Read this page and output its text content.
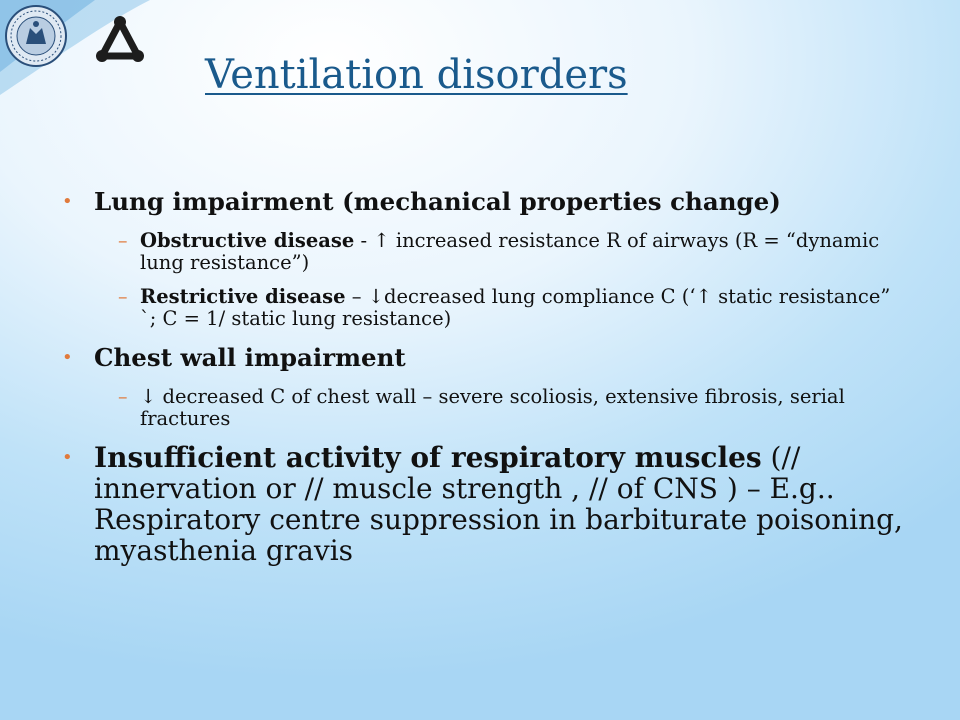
Ventilation disorders
• Lung impairment (mechanical properties change)
– Obstructive disease - ↑ increased resistance R of airways (R = “dynamic lung resistance”)
– Restrictive disease – ↓decreased lung compliance C (‘↑ static resistance” `; C = 1/ static lung resistance)
• Chest wall impairment
– ↓ decreased C of chest wall – severe scoliosis, extensive fibrosis, serial fractures
• Insufficient activity of respiratory muscles (// innervation or // muscle strength , // of CNS ) – E.g.. Respiratory centre suppression in barbiturate poisoning, myasthenia gravis
